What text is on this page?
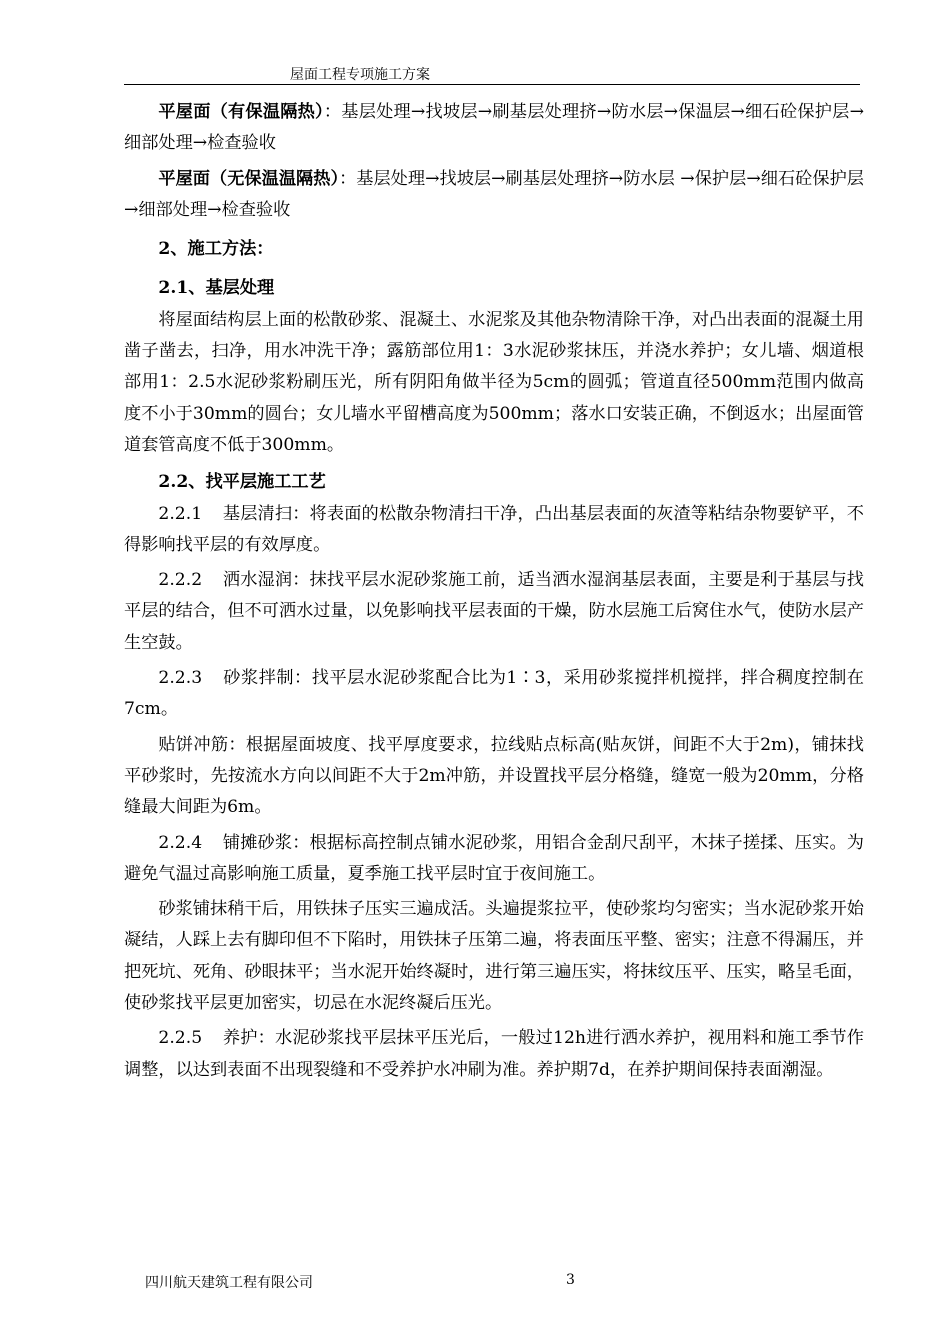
屋面工程专项施工方案

平屋面（有保温隔热）：基层处理→找坡层→刷基层处理挤→防水层→保温层→细石砼保护层→细部处理→检查验收

平屋面（无保温温隔热）：基层处理→找坡层→刷基层处理挤→防水层 →保护层→细石砼保护层→细部处理→检查验收

2、施工方法：

2.1、基层处理

将屋面结构层上面的松散砂浆、混凝土、水泥浆及其他杂物清除干净，对凸出表面的混凝土用凿子凿去，扫净，用水冲洗干净；露筋部位用1：3水泥砂浆抹压，并浇水养护；女儿墙、烟道根部用1：2.5水泥砂浆粉刷压光，所有阴阳角做半径为5cm的圆弧；管道直径500mm范围内做高度不小于30mm的圆台；女儿墙水平留槽高度为500mm；落水口安装正确，不倒返水；出屋面管道套管高度不低于300mm。

2.2、找平层施工工艺

2.2.1 基层清扫：将表面的松散杂物清扫干净，凸出基层表面的灰渣等粘结杂物要铲平，不得影响找平层的有效厚度。

2.2.2 洒水湿润：抹找平层水泥砂浆施工前，适当洒水湿润基层表面，主要是利于基层与找平层的结合，但不可洒水过量，以免影响找平层表面的干燥，防水层施工后窝住水气，使防水层产生空鼓。

2.2.3 砂浆拌制：找平层水泥砂浆配合比为1∶3，采用砂浆搅拌机搅拌，拌合稠度控制在7cm。

贴饼冲筋：根据屋面坡度、找平厚度要求，拉线贴点标高(贴灰饼，间距不大于2m)，铺抹找平砂浆时，先按流水方向以间距不大于2m冲筋，并设置找平层分格缝，缝宽一般为20mm，分格缝最大间距为6m。

2.2.4 铺摊砂浆：根据标高控制点铺水泥砂浆，用铝合金刮尺刮平，木抹子搓揉、压实。为避免气温过高影响施工质量，夏季施工找平层时宜于夜间施工。

砂浆铺抹稍干后，用铁抹子压实三遍成活。头遍提浆拉平，使砂浆均匀密实；当水泥砂浆开始凝结，人踩上去有脚印但不下陷时，用铁抹子压第二遍，将表面压平整、密实；注意不得漏压，并把死坑、死角、砂眼抹平；当水泥开始终凝时，进行第三遍压实，将抹纹压平、压实，略呈毛面，使砂浆找平层更加密实，切忌在水泥终凝后压光。

2.2.5 养护：水泥砂浆找平层抹平压光后，一般过12h进行洒水养护，视用料和施工季节作调整，以达到表面不出现裂缝和不受养护水冲刷为准。养护期7d，在养护期间保持表面潮湿。

四川航天建筑工程有限公司	3
